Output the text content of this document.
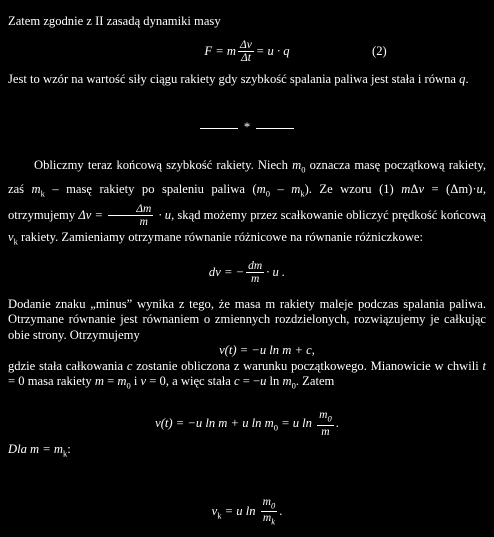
Zatem zgodnie z II zasadą dynamiki masy

F = m $\frac{\Delta v}{\Delta t} = u \cdot q$	(2)

Jest to wzór na wartość siły ciągu rakiety gdy szybkość spalania paliwa jest stała i równa q.

*

Obliczmy teraz końcową szybkość rakiety. Niech $m_0$ oznacza masę początkową rakiety, zaś $m_k$ – masę rakiety po spaleniu paliwa $(m_0 - m_k)$. Ze wzoru (1) mΔv = (Δm)·u, otrzymujemy $\Delta v = \frac{\Delta m}{m} \cdot u$, skąd możemy przez scałkowanie obliczyć prędkość końcową $v_k$ rakiety. Zamieniamy otrzymane równanie różnicowe na równanie różniczkowe:

dv = − $\frac{dm}{m} \cdot u$ .

Dodanie znaku „minus” wynika z tego, że masa m rakiety maleje podczas spalania paliwa. Otrzymane równanie jest równaniem o zmiennych rozdzielonych, rozwiązujemy je całkując obie strony. Otrzymujemy

v(t) = −u ln m + c,

gdzie stała całkowania c zostanie obliczona z warunku początkowego. Mianowicie w chwili t = 0 masa rakiety $m = m_0$ i v = 0, a więc stała c = −u $\ln m_0$. Zatem

v(t) = −u ln m + u $\ln m_0 = u$ $\ln \frac{m_0}{m}$ .

Dla $m = m_k$:

$v_k = u$ $\ln \frac{m_0}{m_k}$ .
